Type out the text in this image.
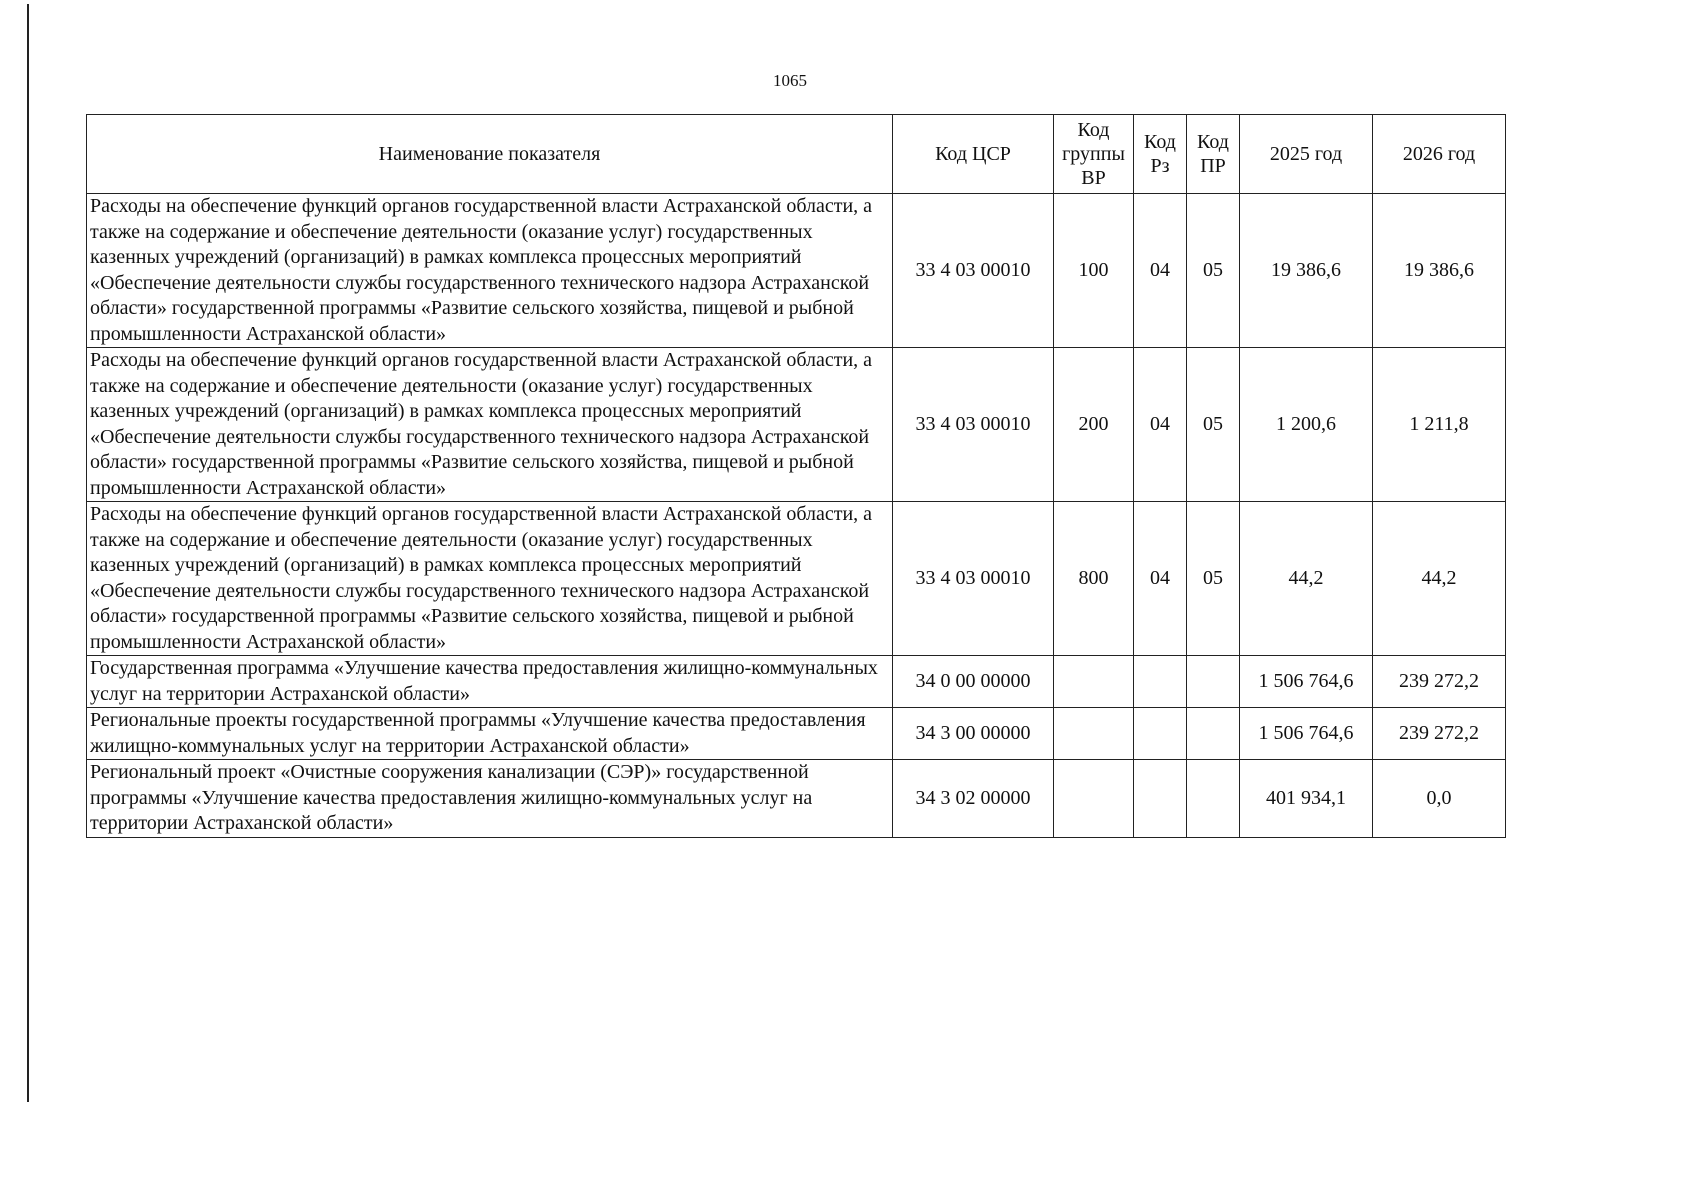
1065
Наименование показателя	Код ЦСР	Код группы ВР	Код Рз	Код ПР	2025 год	2026 год
Расходы на обеспечение функций органов государственной власти Астраханской области, а также на содержание и обеспечение деятельности (оказание услуг) государственных казенных учреждений (организаций) в рамках комплекса процессных мероприятий «Обеспечение деятельности службы государственного технического надзора Астраханской области» государственной программы «Развитие сельского хозяйства, пищевой и рыбной промышленности Астраханской области»	33 4 03 00010	100	04	05	19 386,6	19 386,6
Расходы на обеспечение функций органов государственной власти Астраханской области, а также на содержание и обеспечение деятельности (оказание услуг) государственных казенных учреждений (организаций) в рамках комплекса процессных мероприятий «Обеспечение деятельности службы государственного технического надзора Астраханской области» государственной программы «Развитие сельского хозяйства, пищевой и рыбной промышленности Астраханской области»	33 4 03 00010	200	04	05	1 200,6	1 211,8
Расходы на обеспечение функций органов государственной власти Астраханской области, а также на содержание и обеспечение деятельности (оказание услуг) государственных казенных учреждений (организаций) в рамках комплекса процессных мероприятий «Обеспечение деятельности службы государственного технического надзора Астраханской области» государственной программы «Развитие сельского хозяйства, пищевой и рыбной промышленности Астраханской области»	33 4 03 00010	800	04	05	44,2	44,2
Государственная программа «Улучшение качества предоставления жилищно-коммунальных услуг на территории Астраханской области»	34 0 00 00000				1 506 764,6	239 272,2
Региональные проекты государственной программы «Улучшение качества предоставления жилищно-коммунальных услуг на территории Астраханской области»	34 3 00 00000				1 506 764,6	239 272,2
Региональный проект «Очистные сооружения канализации (СЭР)» государственной программы «Улучшение качества предоставления жилищно-коммунальных услуг на территории Астраханской области»	34 3 02 00000				401 934,1	0,0
